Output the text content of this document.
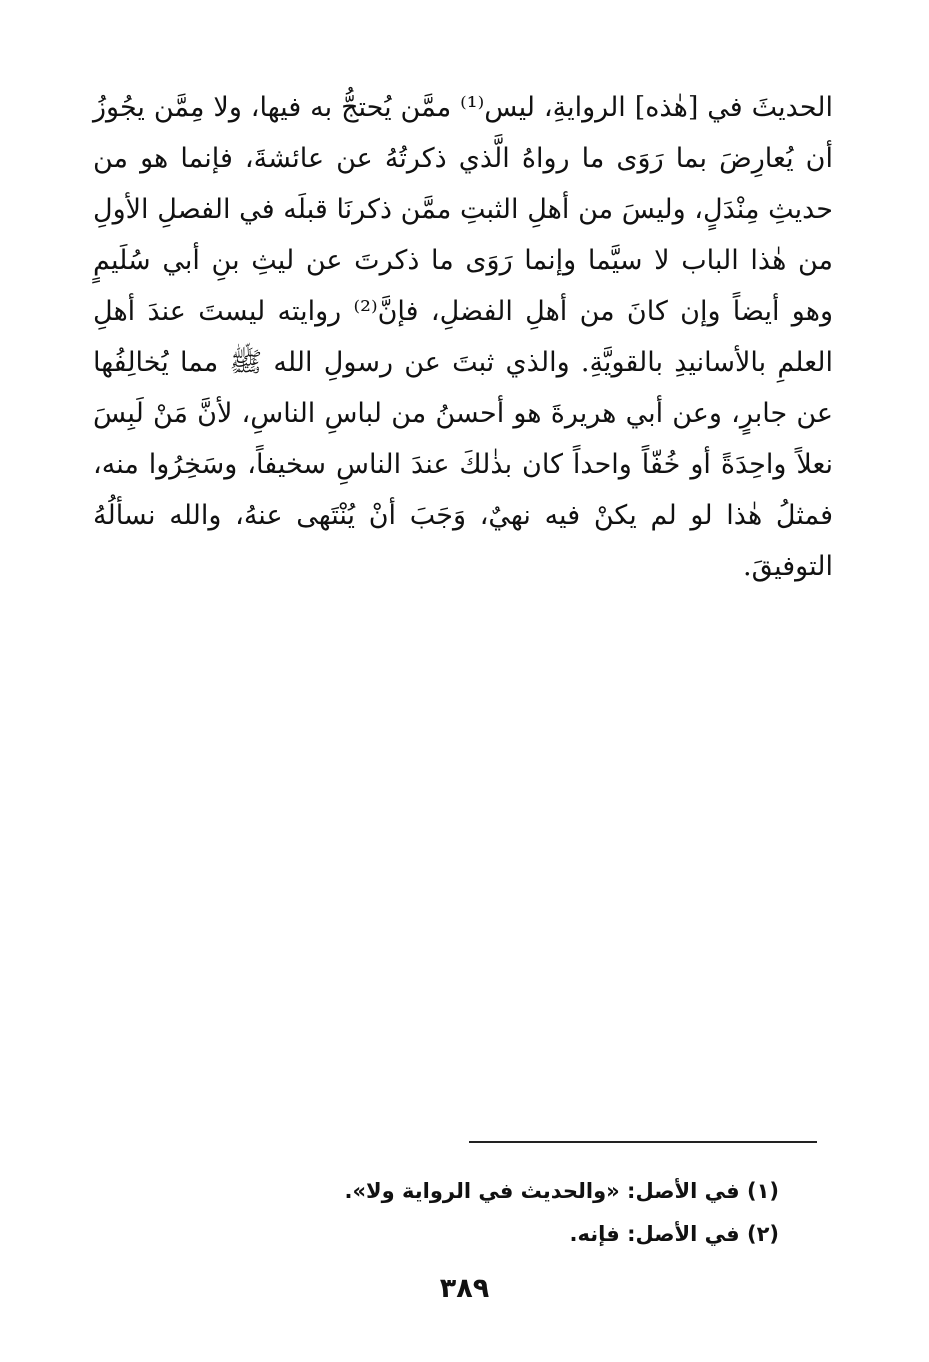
الحديثَ في [هٰذه] الروايةِ، ليس⁽¹⁾ ممَّن يُحتجُّ به فيها، ولا مِمَّن يجُوزُ
أن يُعارِضَ بما رَوَى ما رواهُ الَّذي ذكرتُهُ عن عائشةَ، فإنما هو من
حديثِ مِنْدَلٍ، وليسَ من أهلِ الثبتِ ممَّن ذكرنَا قبلَه في الفصلِ الأولِ
من هٰذا الباب لا سيَّما وإنما رَوَى ما ذكرتَ عن ليثِ بنِ أبي سُلَيمٍ
وهو أيضاً وإن كانَ من أهلِ الفضلِ، فإنَّ⁽²⁾ روايته ليستَ عندَ أهلِ
العلمِ بالأسانيدِ بالقويَّةِ. والذي ثبتَ عن رسولِ الله ﷺ مما يُخالِفُها
عن جابرٍ، وعن أبي هريرةَ هو أحسنُ من لباسِ الناسِ، لأنَّ مَنْ لَبِسَ
نعلاً واحِدَةً أو خُفّاً واحداً كان بذٰلكَ عندَ الناسِ سخيفاً، وسَخِرُوا منه،
فمثلُ هٰذا لو لم يكنْ فيه نهيٌ، وَجَبَ أنْ يُنْتَهى عنهُ، والله نسألُهُ
التوفيقَ.
(١) في الأصل: «والحديث في الرواية ولا».
(٢) في الأصل: فإنه.
٣٨٩
